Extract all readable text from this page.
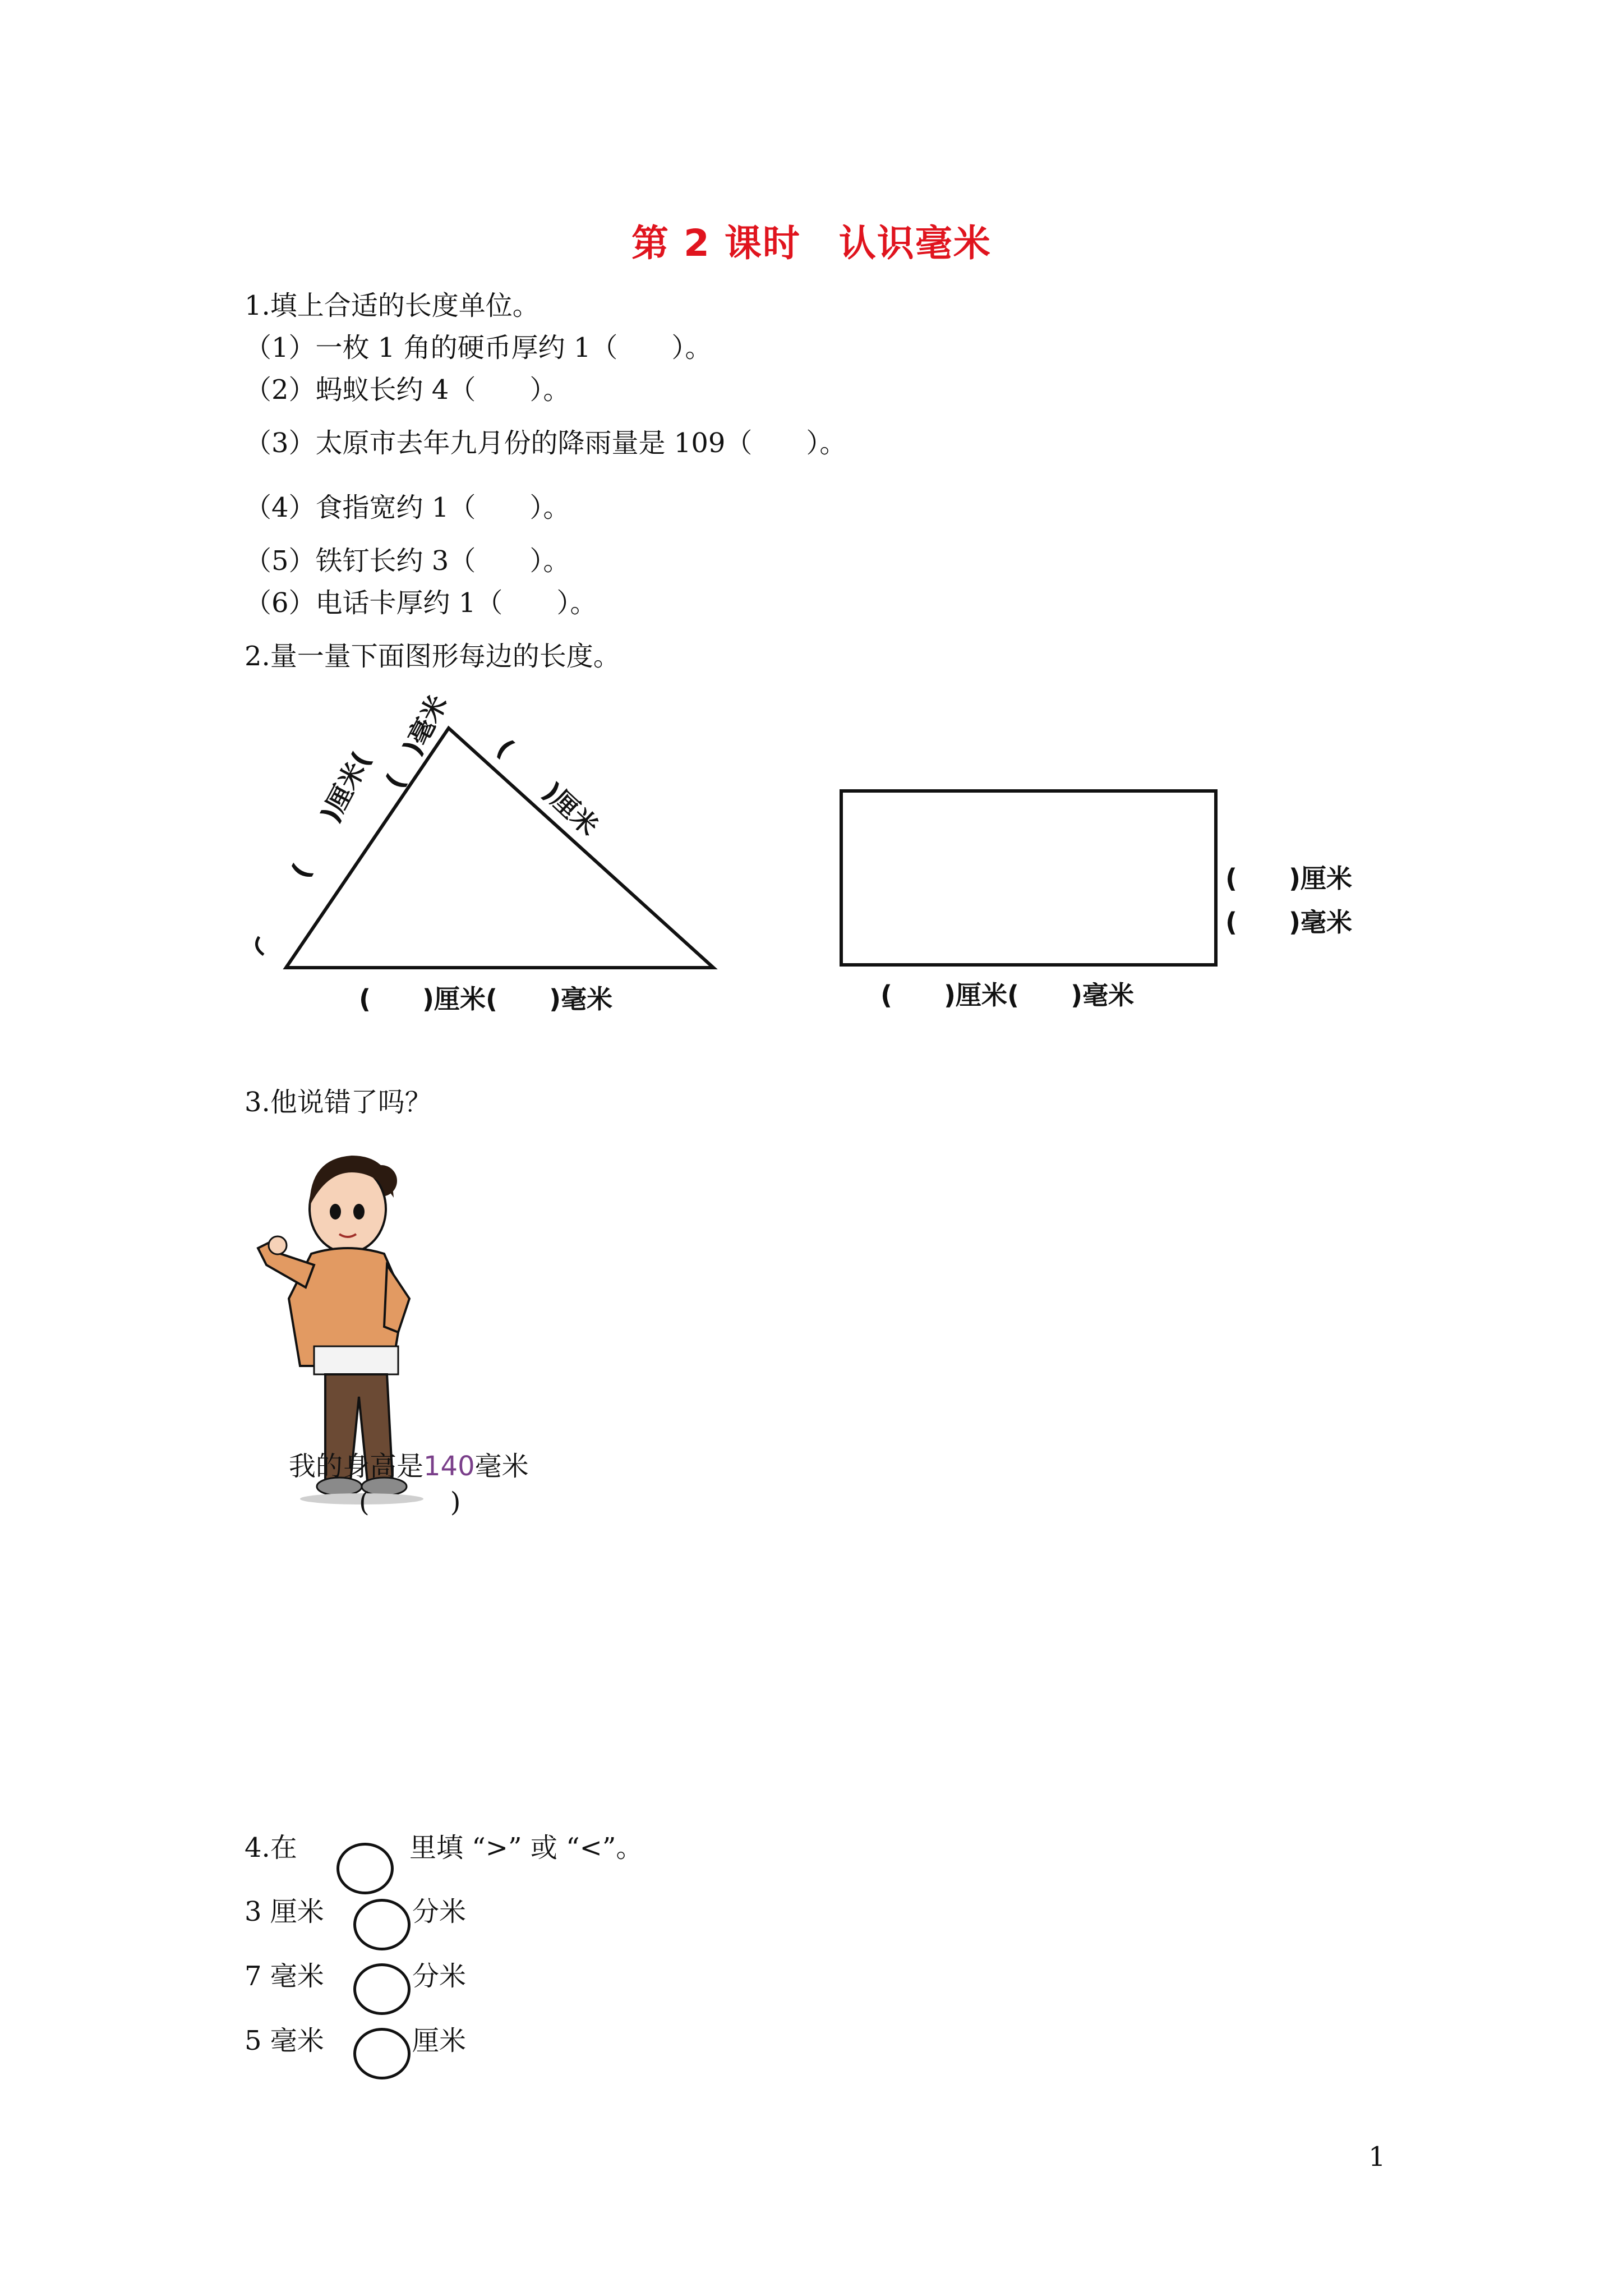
第 2 课时　认识毫米
1.填上合适的长度单位。
（1）一枚 1 角的硬币厚约 1（　　）。
（2）蚂蚁长约 4（　　）。
（3）太原市去年九月份的降雨量是 109（　　）。
（4）食指宽约 1（　　）。
（5）铁钉长约 3（　　）。
（6）电话卡厚约 1（　　）。
2.量一量下面图形每边的长度。
(　　)厘米(　
(　)毫米 (　　)厘米
(　　)厘米(　　)毫米
(　　)厘米
(　　)毫米
(　　)厘米(　　)毫米
3.他说错了吗？
我的身高是140毫米
(　　　)
4.在	里填 “>” 或 “<”。
3 厘米	分米
7 毫米	分米
5 毫米	厘米
1
